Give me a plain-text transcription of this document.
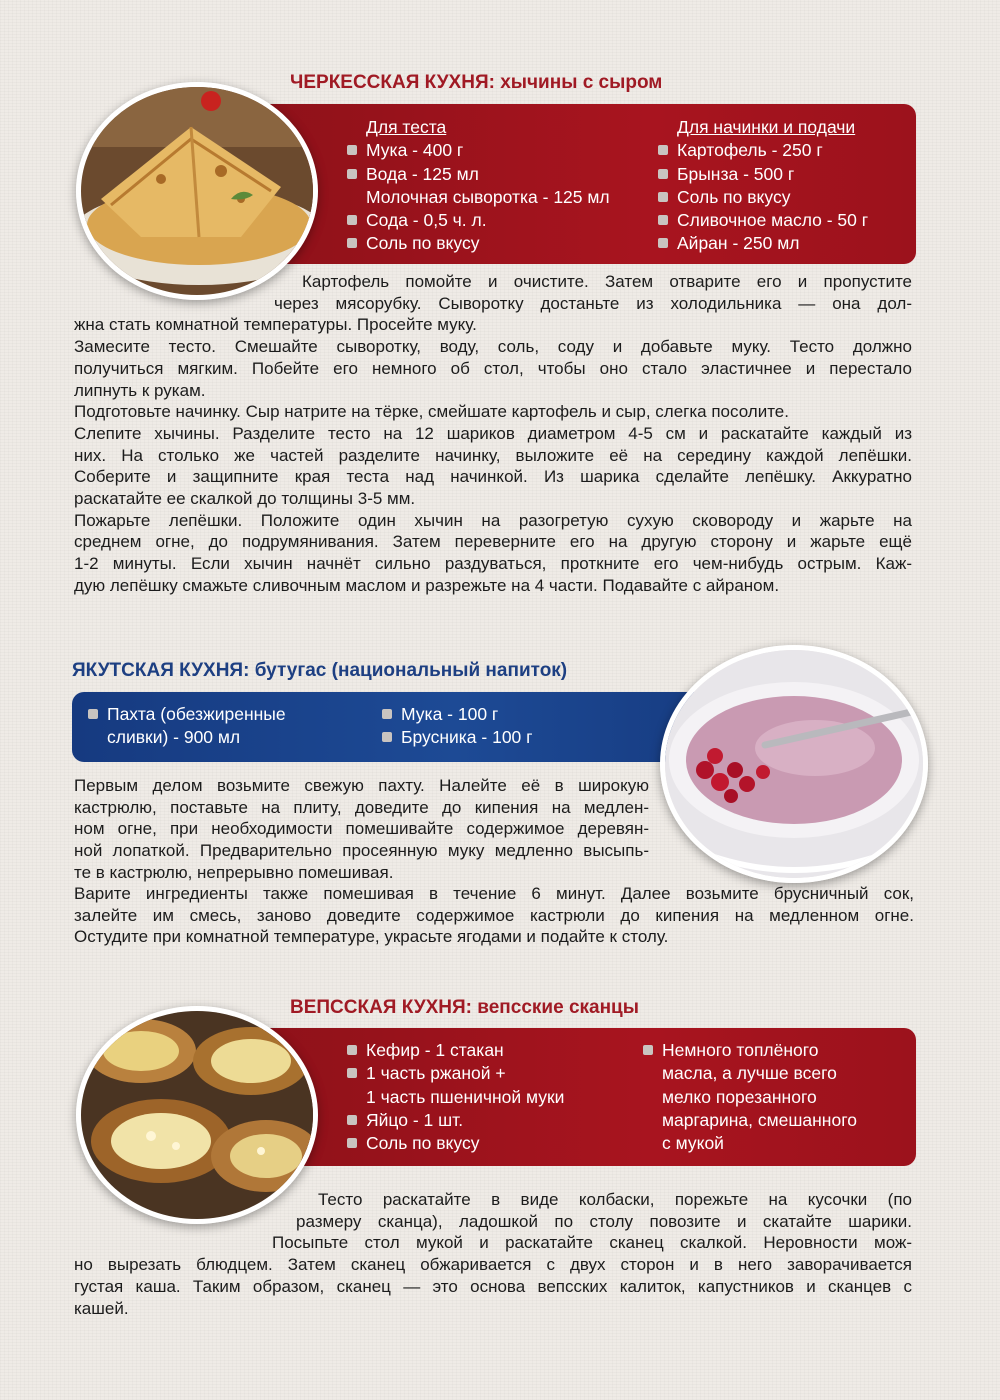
ЧЕРКЕССКАЯ КУХНЯ: хычины с сыром
Для теста
Мука - 400 г
Вода - 125 мл
Молочная сыворотка - 125 мл
Сода - 0,5 ч. л.
Соль по вкусу
Для начинки и подачи
Картофель - 250 г
Брынза - 500 г
Соль по вкусу
Сливочное масло - 50 г
Айран - 250 мл
Картофель помойте и очистите. Затем отварите его и пропустите
через мясорубку. Сыворотку достаньте из холодильника — она дол-
жна стать комнатной температуры. Просейте муку.
Замесите тесто. Смешайте сыворотку, воду, соль, соду и добавьте муку. Тесто должно
получиться мягким. Побейте его немного об стол, чтобы оно стало эластичнее и перестало
липнуть к рукам.
Подготовьте начинку. Сыр натрите на тёрке, смейшате картофель и сыр, слегка посолите.
Слепите хычины. Разделите тесто на 12 шариков диаметром 4-5 см и раскатайте каждый из
них. На столько же частей разделите начинку, выложите её на середину каждой лепёшки.
Соберите и защипните края теста над начинкой. Из шарика сделайте лепёшку. Аккуратно
раскатайте ее скалкой до толщины 3-5 мм.
Пожарьте лепёшки. Положите один хычин на разогретую сухую сковороду и жарьте на
среднем огне, до подрумянивания. Затем переверните его на другую сторону и жарьте ещё
1-2 минуты. Если хычин начнёт сильно раздуваться, проткните его чем-нибудь острым. Каж-
дую лепёшку смажьте сливочным маслом и разрежьте на 4 части. Подавайте с айраном.
ЯКУТСКАЯ КУХНЯ: бутугас (национальный напиток)
Пахта (обезжиренные
сливки) - 900 мл
Мука - 100 г
Брусника - 100 г
Первым делом возьмите свежую пахту. Налейте её в широкую
кастрюлю, поставьте на плиту, доведите до кипения на медлен-
ном огне, при необходимости помешивайте содержимое деревян-
ной лопаткой. Предварительно просеянную муку медленно высыпь-
те в кастрюлю, непрерывно помешивая.
Варите ингредиенты также помешивая в течение 6 минут. Далее возьмите брусничный сок,
залейте им смесь, заново доведите содержимое кастрюли до кипения на медленном огне.
Остудите при комнатной температуре, украсьте ягодами и подайте к столу.
ВЕПССКАЯ КУХНЯ: вепсские сканцы
Кефир - 1 стакан
1 часть ржаной +
1 часть пшеничной муки
Яйцо - 1 шт.
Соль по вкусу
Немного топлёного
масла, а лучше всего
мелко порезанного
маргарина, смешанного
с мукой
Тесто раскатайте в виде колбаски, порежьте на кусочки (по
размеру сканца), ладошкой по столу повозите и скатайте шарики.
Посыпьте стол мукой и раскатайте сканец скалкой. Неровности мож-
но вырезать блюдцем. Затем сканец обжаривается с двух сторон и в него заворачивается
густая каша. Таким образом, сканец — это основа вепсских калиток, капустников и сканцев с
кашей.
